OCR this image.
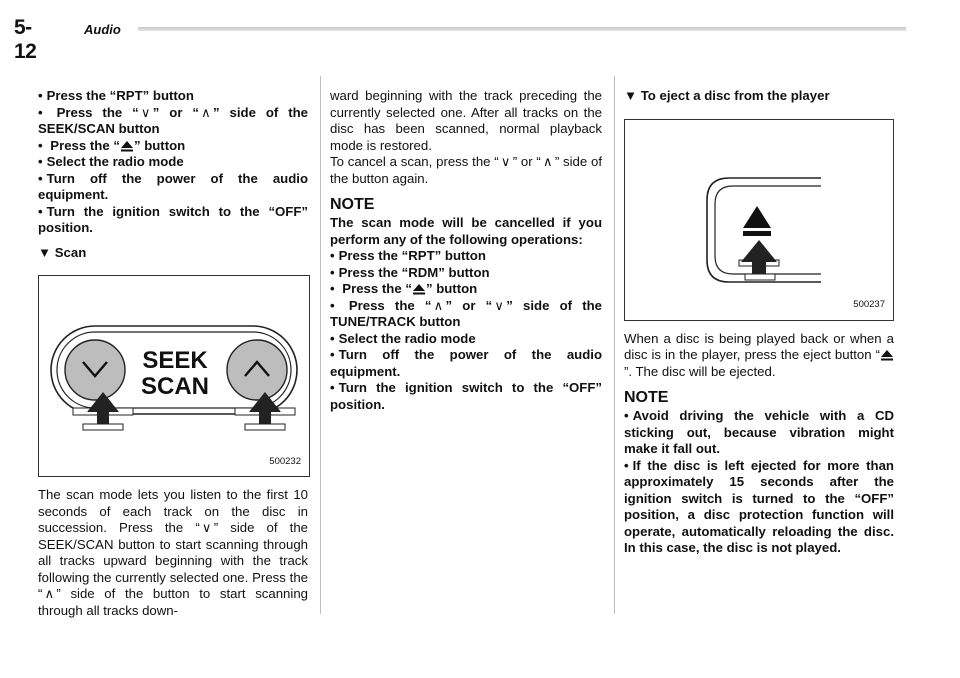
5-12
Audio
• Press the “RPT” button
• Press the “ ∨ ” or “ ∧ ” side of the SEEK/SCAN button
• Press the “ ” button
• Select the radio mode
• Turn off the power of the audio equipment.
• Turn the ignition switch to the “OFF” position.
▼ Scan
SEEK
SCAN
500232
The scan mode lets you listen to the first 10 seconds of each track on the disc in succession. Press the “ ∨ ” side of the SEEK/SCAN button to start scanning through all tracks upward beginning with the track following the currently selected one. Press the “ ∧ ” side of the button to start scanning through all tracks down-
ward beginning with the track preceding the currently selected one. After all tracks on the disc has been scanned, normal playback mode is restored.
To cancel a scan, press the “ ∨ ” or “ ∧ ” side of the button again.
NOTE
The scan mode will be cancelled if you perform any of the following operations:
• Press the “RPT” button
• Press the “RDM” button
• Press the “ ” button
• Press the “ ∧ ” or “ ∨ ” side of the TUNE/TRACK button
• Select the radio mode
• Turn off the power of the audio equipment.
• Turn the ignition switch to the “OFF” position.
▼ To eject a disc from the player
500237
When a disc is being played back or when a disc is in the player, press the eject button “”. The disc will be ejected.
NOTE
• Avoid driving the vehicle with a CD sticking out, because vibration might make it fall out.
• If the disc is left ejected for more than approximately 15 seconds after the ignition switch is turned to the “OFF” position, a disc protection function will operate, automatically reloading the disc. In this case, the disc is not played.
